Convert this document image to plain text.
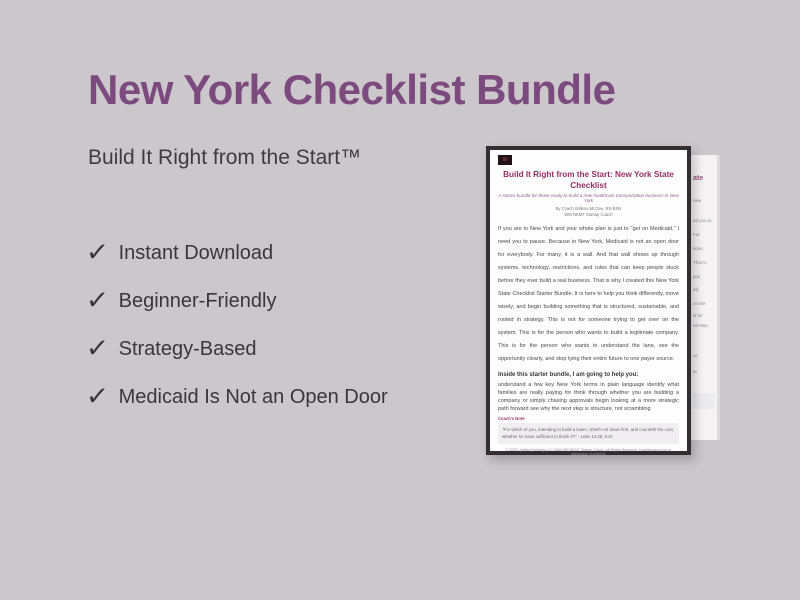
New York Checklist Bundle
Build It Right from the Start™
✓ Instant Download
✓ Beginner-Friendly
✓ Strategy-Based
✓ Medicaid Is Not an Open Door
ate
new
ed you to
For
tions,
That is
you
ed,
on the
is for
nd step
ce
er
W
Build It Right from the Start: New York State Checklist
A starter bundle for those ready to build a new healthcare transportation business in New York
By Coach Willena McGee, RN BSN
WM NEMT Startup Coach
If you are in New York and your whole plan is just to "get on Medicaid," I need you to pause. Because in New York, Medicaid is not an open door for everybody. For many, it is a wall. And that wall shows up through systems, technology, restrictions, and rules that can keep people stuck before they ever build a real business. That is why I created this New York State Checklist Starter Bundle. It is here to help you think differently, move wisely, and begin building something that is structured, sustainable, and rooted in strategy. This is not for someone trying to get over on the system. This is for the person who wants to build a legitimate company. This is for the person who wants to understand the lane, see the opportunity clearly, and stop tying their entire future to one payer source.
Inside this starter bundle, I am going to help you:
understand a few key New York terms in plain language identify what families are really paying for think through whether you are building a company or simply chasing approvals begin looking at a more strategic path forward see why the next step is structure, not scrambling
Coach's Note
"For which of you, intending to build a tower, sitteth not down first, and counteth the cost, whether he have sufficient to finish it?" - Luke 14:28, KJV
© 2025 Uplifted Holdings LLC DBA WM NEMT Startup Coach. All Rights Reserved. Unauthorized use or distribution prohibited.
